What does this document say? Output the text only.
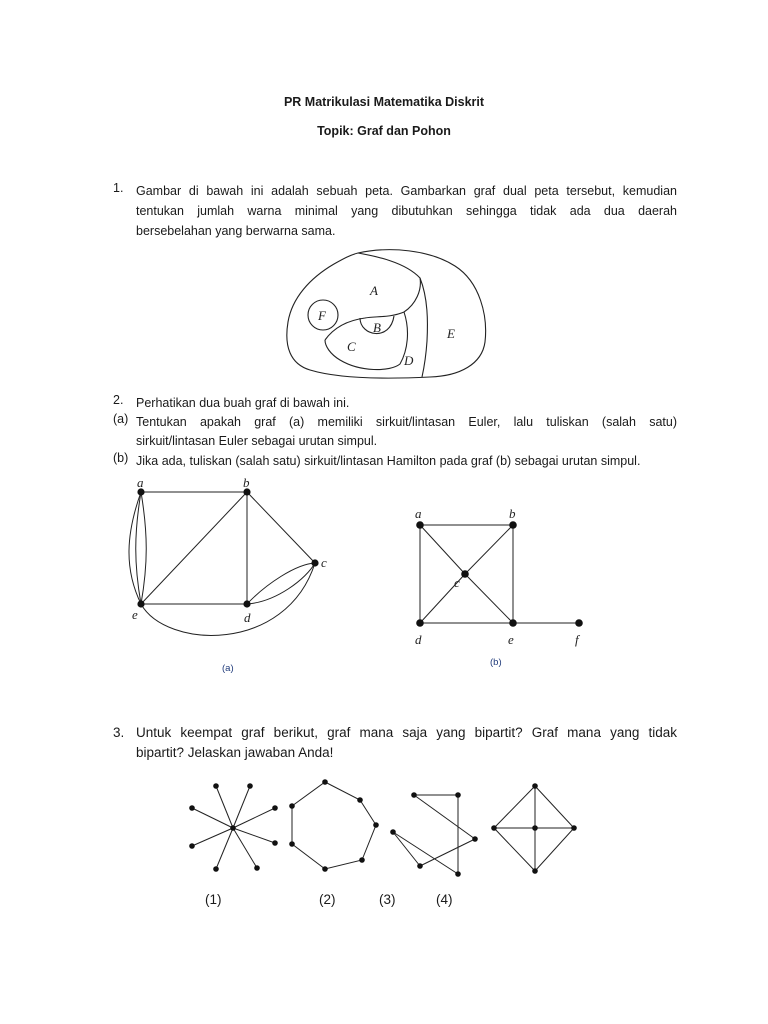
PR Matrikulasi Matematika Diskrit
Topik: Graf dan Pohon
1. Gambar di bawah ini adalah sebuah peta. Gambarkan graf dual peta tersebut, kemudian
tentukan jumlah warna minimal yang dibutuhkan sehingga tidak ada dua daerah
bersebelahan yang berwarna sama.
A
B
C
D
E
F
2. Perhatikan dua buah graf di bawah ini.
(a) Tentukan apakah graf (a) memiliki sirkuit/lintasan Euler, lalu tuliskan (salah satu)
sirkuit/lintasan Euler sebagai urutan simpul.
(b) Jika ada, tuliskan (salah satu) sirkuit/lintasan Hamilton pada graf (b) sebagai urutan simpul.
a	b
c
d
e
(a)
a	b
c
d	e	f
(b)
3. Untuk keempat graf berikut, graf mana saja yang bipartit? Graf mana yang tidak
bipartit? Jelaskan jawaban Anda!
(1)	(2)	(3)	(4)
